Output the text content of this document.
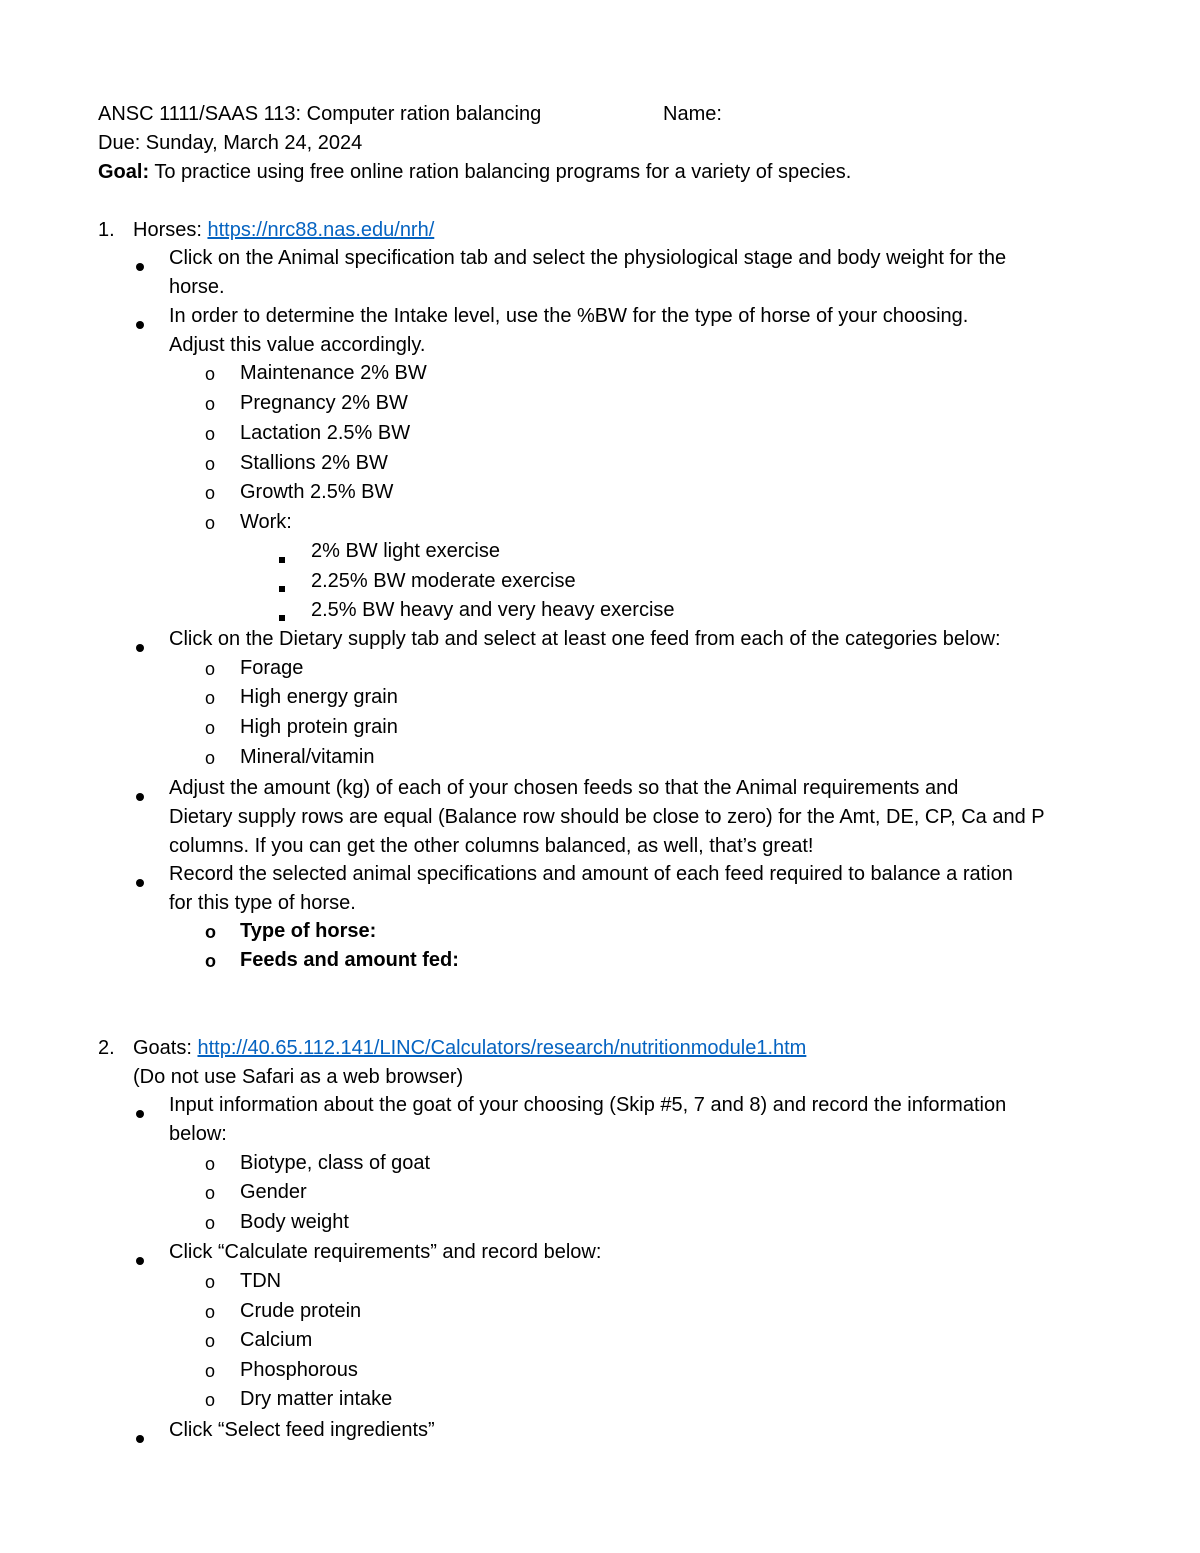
ANSC 1111/SAAS 113: Computer ration balancing	Name:
Due: Sunday, March 24, 2024
Goal: To practice using free online ration balancing programs for a variety of species.
1. Horses: https://nrc88.nas.edu/nrh/
Click on the Animal specification tab and select the physiological stage and body weight for the
horse.
In order to determine the Intake level, use the %BW for the type of horse of your choosing.
Adjust this value accordingly.
o Maintenance 2% BW
o Pregnancy 2% BW
o Lactation 2.5% BW
o Stallions 2% BW
o Growth 2.5% BW
o Work:
2% BW light exercise
2.25% BW moderate exercise
2.5% BW heavy and very heavy exercise
Click on the Dietary supply tab and select at least one feed from each of the categories below:
o Forage
o High energy grain
o High protein grain
o Mineral/vitamin
Adjust the amount (kg) of each of your chosen feeds so that the Animal requirements and
Dietary supply rows are equal (Balance row should be close to zero) for the Amt, DE, CP, Ca and P
columns. If you can get the other columns balanced, as well, that’s great!
Record the selected animal specifications and amount of each feed required to balance a ration
for this type of horse.
o Type of horse:
o Feeds and amount fed:
2. Goats: http://40.65.112.141/LINC/Calculators/research/nutritionmodule1.htm
(Do not use Safari as a web browser)
Input information about the goat of your choosing (Skip #5, 7 and 8) and record the information
below:
o Biotype, class of goat
o Gender
o Body weight
Click “Calculate requirements” and record below:
o TDN
o Crude protein
o Calcium
o Phosphorous
o Dry matter intake
Click “Select feed ingredients”
